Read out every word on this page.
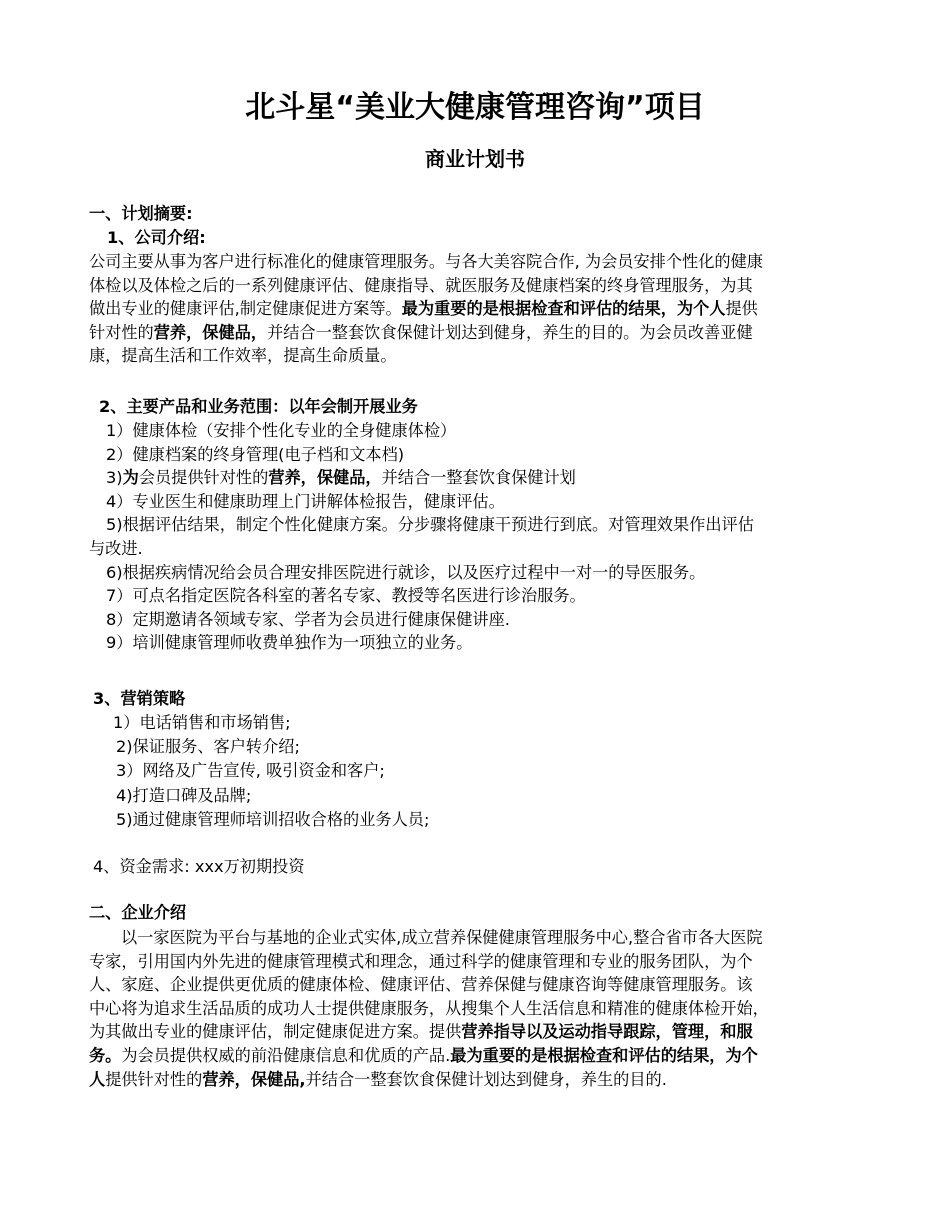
北斗星“美业大健康管理咨询”项目
商业计划书
一、计划摘要:
1、公司介绍:

公司主要从事为客户进行标准化的健康管理服务。与各大美容院合作, 为会员安排个性化的健康

体检以及体检之后的一系列健康评估、健康指导、就医服务及健康档案的终身管理服务，为其

做出专业的健康评估,制定健康促进方案等。最为重要的是根据检查和评估的结果，为个人提供

针对性的营养，保健品，并结合一整套饮食保健计划达到健身，养生的目的。为会员改善亚健

康，提高生活和工作效率，提高生命质量。

2、主要产品和业务范围：以年会制开展业务

1）健康体检（安排个性化专业的全身健康体检）

2）健康档案的终身管理(电子档和文本档)

3)为会员提供针对性的营养，保健品，并结合一整套饮食保健计划

4）专业医生和健康助理上门讲解体检报告，健康评估。

5)根据评估结果，制定个性化健康方案。分步骤将健康干预进行到底。对管理效果作出评估

与改进.

6)根据疾病情况给会员合理安排医院进行就诊，以及医疗过程中一对一的导医服务。

7）可点名指定医院各科室的著名专家、教授等名医进行诊治服务。

8）定期邀请各领域专家、学者为会员进行健康保健讲座.

9）培训健康管理师收费单独作为一项独立的业务。

3、营销策略
1）电话销售和市场销售;
2)保证服务、客户转介绍;
3）网络及广告宣传, 吸引资金和客户;
4)打造口碑及品牌;
5)通过健康管理师培训招收合格的业务人员;
4、资金需求: xxx万初期投资
二、企业介绍

以一家医院为平台与基地的企业式实体,成立营养保健健康管理服务中心,整合省市各大医院

专家，引用国内外先进的健康管理模式和理念，通过科学的健康管理和专业的服务团队，为个

人、家庭、企业提供更优质的健康体检、健康评估、营养保健与健康咨询等健康管理服务。该

中心将为追求生活品质的成功人士提供健康服务，从搜集个人生活信息和精准的健康体检开始，

为其做出专业的健康评估，制定健康促进方案。提供营养指导以及运动指导跟踪，管理，和服

务。为会员提供权威的前沿健康信息和优质的产品.最为重要的是根据检查和评估的结果，为个

人提供针对性的营养，保健品,并结合一整套饮食保健计划达到健身，养生的目的.
